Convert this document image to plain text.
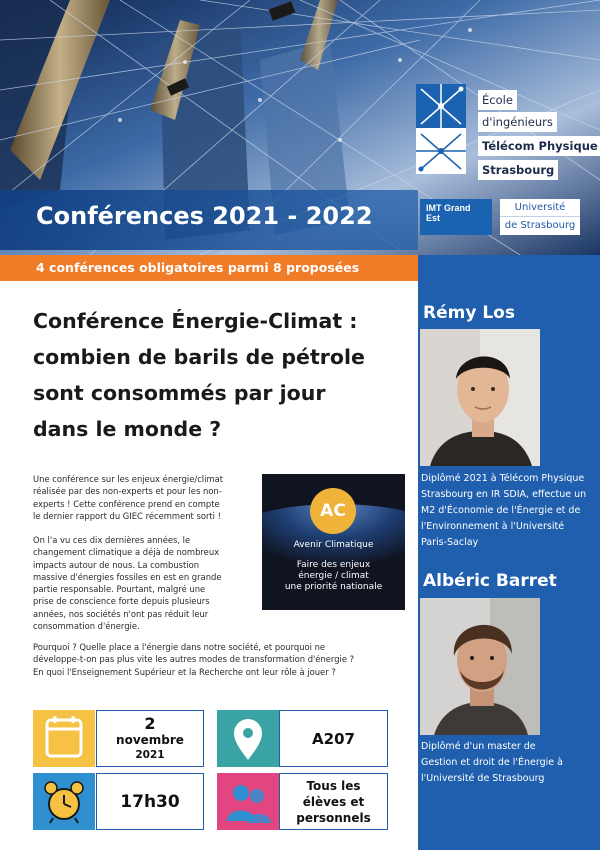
Conférences 2021 - 2022
École
d'ingénieurs
Télécom Physique
Strasbourg
IMT Grand Est
Université
de Strasbourg
4 conférences obligatoires parmi 8 proposées
Rémy Los
Diplômé 2021 à Télécom Physique
Strasbourg en IR SDIA, effectue un
M2 d'Économie de l'Énergie et de
l'Environnement à l'Université
Paris-Saclay
Albéric Barret
Diplômé d'un master de
Gestion et droit de l'Énergie à
l'Université de Strasbourg
Conférence Énergie-Climat :
combien de barils de pétrole
sont consommés par jour
dans le monde ?
Une conférence sur les enjeux énergie/climat
réalisée par des non-experts et pour les non-
experts ! Cette conférence prend en compte
le dernier rapport du GIEC récemment sorti !
On l'a vu ces dix dernières années, le
changement climatique a déjà de nombreux
impacts autour de nous. La combustion
massive d'énergies fossiles en est en grande
partie responsable. Pourtant, malgré une
prise de conscience forte depuis plusieurs
années, nos sociétés n'ont pas réduit leur
consommation d'énergie.
AC
Avenir Climatique
Faire des enjeux
énergie / climat
une priorité nationale
Pourquoi ? Quelle place a l'énergie dans notre société, et pourquoi ne
développe-t-on pas plus vite les autres modes de transformation d'énergie ?
En quoi l'Enseignement Supérieur et la Recherche ont leur rôle à jouer ?
2
novembre
2021
A207
17h30
Tous les
élèves et
personnels
